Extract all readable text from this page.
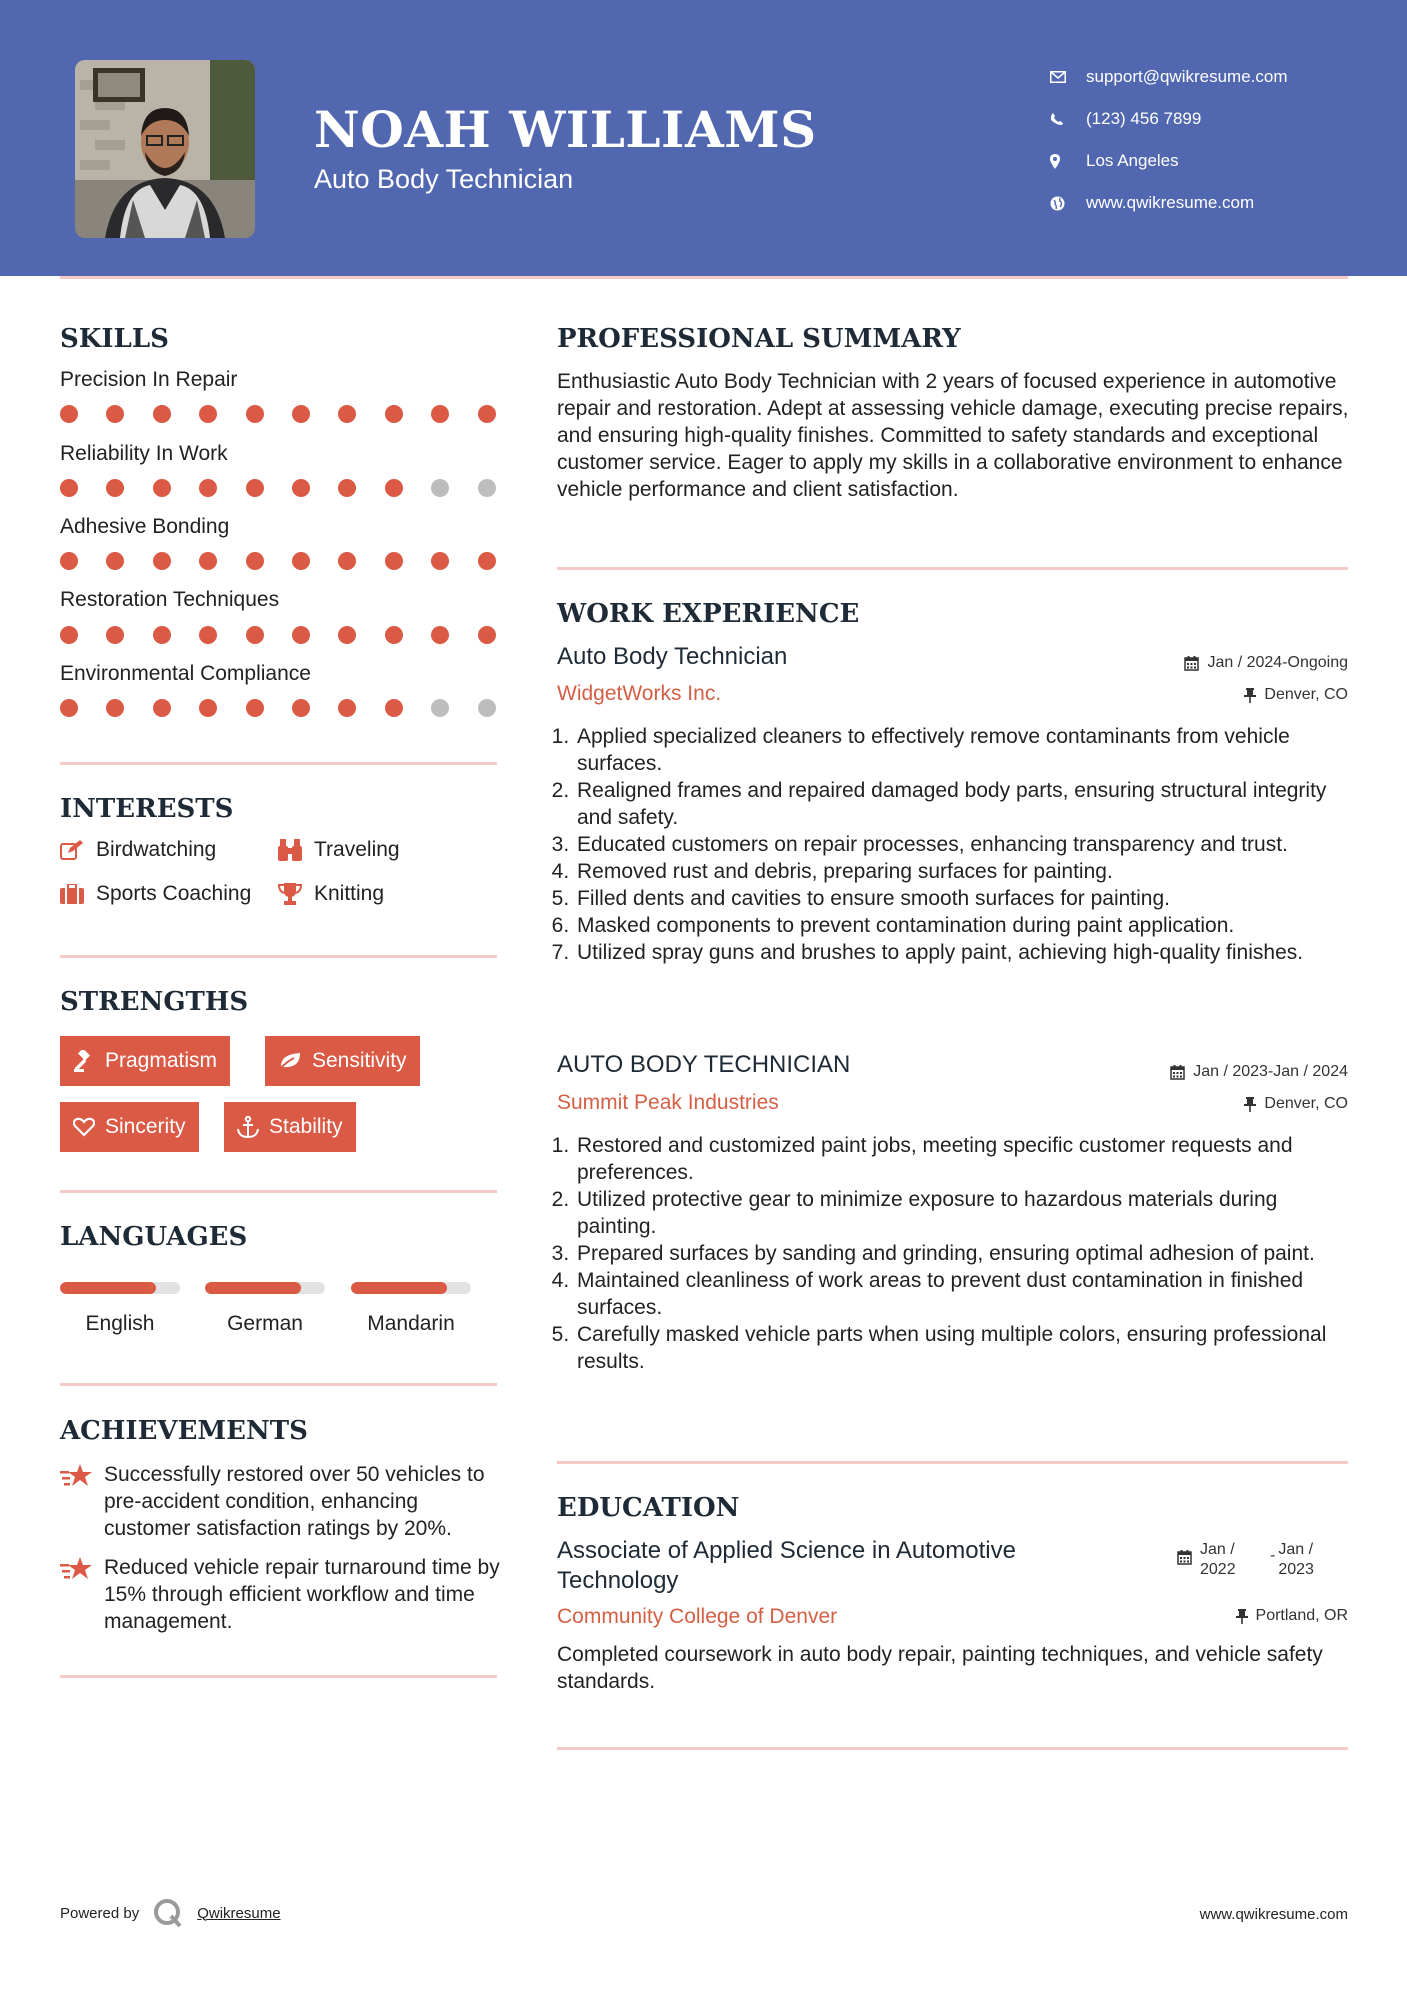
NOAH WILLIAMS
Auto Body Technician
support@qwikresume.com
(123) 456 7899
Los Angeles
www.qwikresume.com
SKILLS
Precision In Repair
Reliability In Work
Adhesive Bonding
Restoration Techniques
Environmental Compliance
INTERESTS
Birdwatching	Traveling
Sports Coaching	Knitting
STRENGTHS
Pragmatism	Sensitivity
Sincerity	Stability
LANGUAGES
English	German	Mandarin
ACHIEVEMENTS
Successfully restored over 50 vehicles to pre-accident condition, enhancing customer satisfaction ratings by 20%.
Reduced vehicle repair turnaround time by 15% through efficient workflow and time management.
PROFESSIONAL SUMMARY
Enthusiastic Auto Body Technician with 2 years of focused experience in automotive repair and restoration. Adept at assessing vehicle damage, executing precise repairs, and ensuring high-quality finishes. Committed to safety standards and exceptional customer service. Eager to apply my skills in a collaborative environment to enhance vehicle performance and client satisfaction.
WORK EXPERIENCE
Auto Body Technician	Jan / 2024-Ongoing
WidgetWorks Inc.	Denver, CO
1. Applied specialized cleaners to effectively remove contaminants from vehicle surfaces.
2. Realigned frames and repaired damaged body parts, ensuring structural integrity and safety.
3. Educated customers on repair processes, enhancing transparency and trust.
4. Removed rust and debris, preparing surfaces for painting.
5. Filled dents and cavities to ensure smooth surfaces for painting.
6. Masked components to prevent contamination during paint application.
7. Utilized spray guns and brushes to apply paint, achieving high-quality finishes.
AUTO BODY TECHNICIAN	Jan / 2023-Jan / 2024
Summit Peak Industries	Denver, CO
1. Restored and customized paint jobs, meeting specific customer requests and preferences.
2. Utilized protective gear to minimize exposure to hazardous materials during painting.
3. Prepared surfaces by sanding and grinding, ensuring optimal adhesion of paint.
4. Maintained cleanliness of work areas to prevent dust contamination in finished surfaces.
5. Carefully masked vehicle parts when using multiple colors, ensuring professional results.
EDUCATION
Associate of Applied Science in Automotive Technology
Jan / 2022
- Jan / 2023
Community College of Denver	Portland, OR
Completed coursework in auto body repair, painting techniques, and vehicle safety standards.
Powered by	Qwikresume	www.qwikresume.com
